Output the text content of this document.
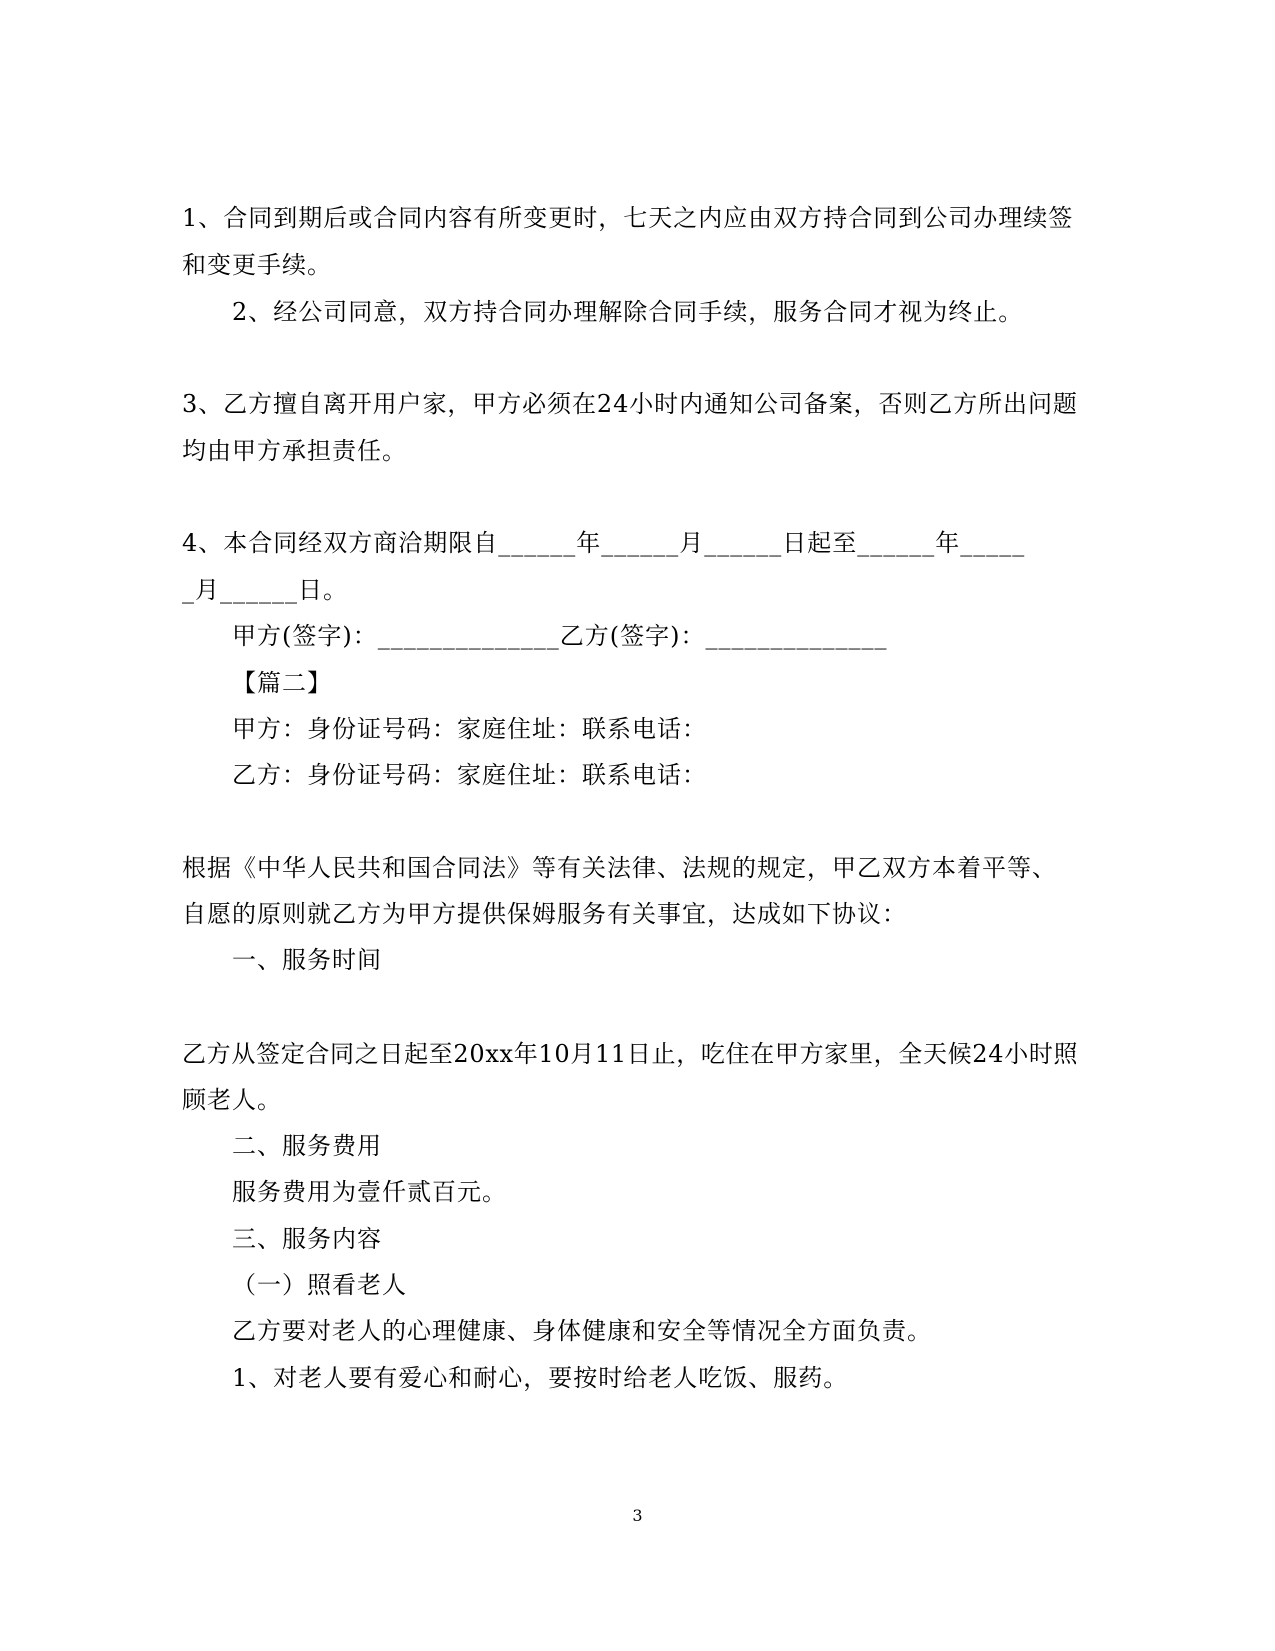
1、合同到期后或合同内容有所变更时，七天之内应由双方持合同到公司办理续签
和变更手续。
2、经公司同意，双方持合同办理解除合同手续，服务合同才视为终止。
3、乙方擅自离开用户家，甲方必须在24小时内通知公司备案，否则乙方所出问题
均由甲方承担责任。
4、本合同经双方商洽期限自______年______月______日起至______年_____
_月______日。
甲方(签字)：______________乙方(签字)：______________
【篇二】
甲方：身份证号码：家庭住址：联系电话：
乙方：身份证号码：家庭住址：联系电话：
根据《中华人民共和国合同法》等有关法律、法规的规定，甲乙双方本着平等、
自愿的原则就乙方为甲方提供保姆服务有关事宜，达成如下协议：
一、服务时间
乙方从签定合同之日起至20xx年10月11日止，吃住在甲方家里，全天候24小时照
顾老人。
二、服务费用
服务费用为壹仟贰百元。
三、服务内容
（一）照看老人
乙方要对老人的心理健康、身体健康和安全等情况全方面负责。
1、对老人要有爱心和耐心，要按时给老人吃饭、服药。
3
